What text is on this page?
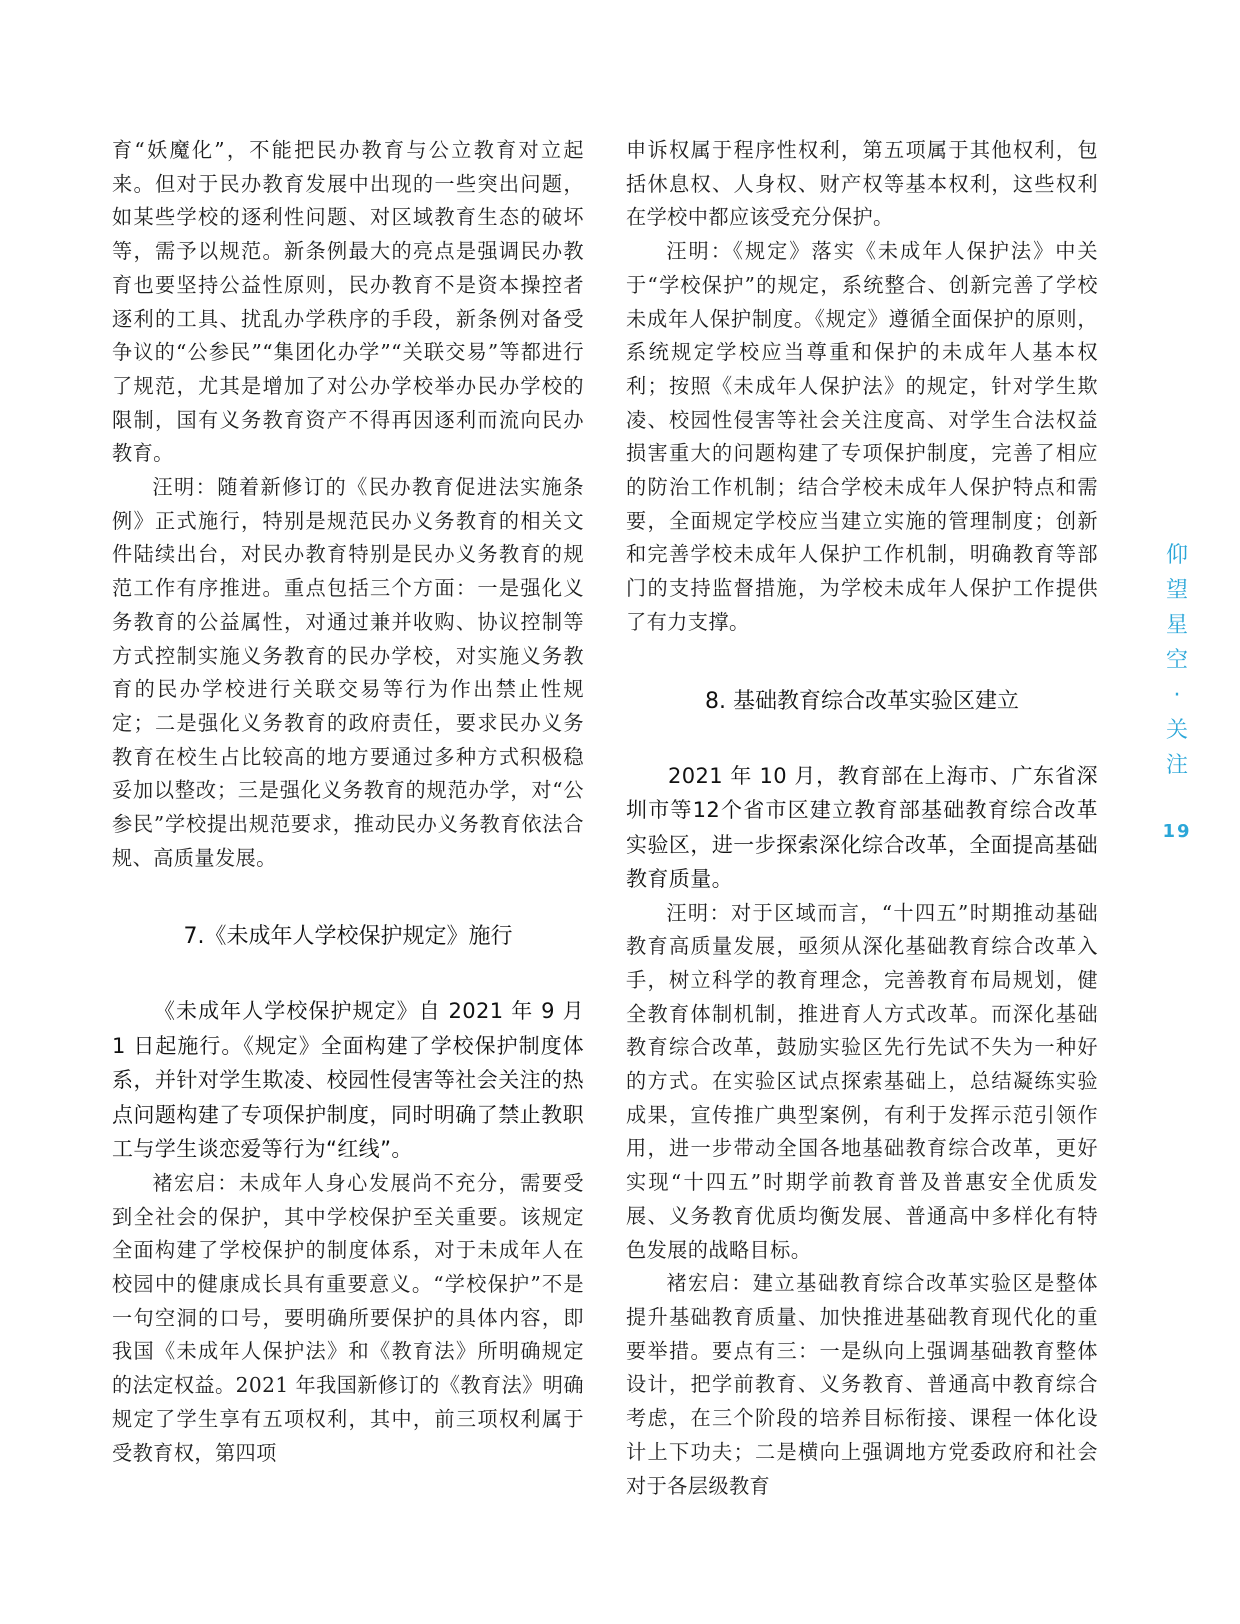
育“妖魔化”，不能把民办教育与公立教育对立起来。但对于民办教育发展中出现的一些突出问题，如某些学校的逐利性问题、对区域教育生态的破坏等，需予以规范。新条例最大的亮点是强调民办教育也要坚持公益性原则，民办教育不是资本操控者逐利的工具、扰乱办学秩序的手段，新条例对备受争议的“公参民”“集团化办学”“关联交易”等都进行了规范，尤其是增加了对公办学校举办民办学校的限制，国有义务教育资产不得再因逐利而流向民办教育。

汪明：随着新修订的《民办教育促进法实施条例》正式施行，特别是规范民办义务教育的相关文件陆续出台，对民办教育特别是民办义务教育的规范工作有序推进。重点包括三个方面：一是强化义务教育的公益属性，对通过兼并收购、协议控制等方式控制实施义务教育的民办学校，对实施义务教育的民办学校进行关联交易等行为作出禁止性规定；二是强化义务教育的政府责任，要求民办义务教育在校生占比较高的地方要通过多种方式积极稳妥加以整改；三是强化义务教育的规范办学，对“公参民”学校提出规范要求，推动民办义务教育依法合规、高质量发展。

7.《未成年人学校保护规定》施行

《未成年人学校保护规定》自 2021 年 9 月 1 日起施行。《规定》全面构建了学校保护制度体系，并针对学生欺凌、校园性侵害等社会关注的热点问题构建了专项保护制度，同时明确了禁止教职工与学生谈恋爱等行为“红线”。

褚宏启：未成年人身心发展尚不充分，需要受到全社会的保护，其中学校保护至关重要。该规定全面构建了学校保护的制度体系，对于未成年人在校园中的健康成长具有重要意义。“学校保护”不是一句空洞的口号，要明确所要保护的具体内容，即我国《未成年人保护法》和《教育法》所明确规定的法定权益。2021 年我国新修订的《教育法》明确规定了学生享有五项权利，其中，前三项权利属于受教育权，第四项

申诉权属于程序性权利，第五项属于其他权利，包括休息权、人身权、财产权等基本权利，这些权利在学校中都应该受充分保护。

汪明：《规定》落实《未成年人保护法》中关于“学校保护”的规定，系统整合、创新完善了学校未成年人保护制度。《规定》遵循全面保护的原则，系统规定学校应当尊重和保护的未成年人基本权利；按照《未成年人保护法》的规定，针对学生欺凌、校园性侵害等社会关注度高、对学生合法权益损害重大的问题构建了专项保护制度，完善了相应的防治工作机制；结合学校未成年人保护特点和需要，全面规定学校应当建立实施的管理制度；创新和完善学校未成年人保护工作机制，明确教育等部门的支持监督措施，为学校未成年人保护工作提供了有力支撑。

8. 基础教育综合改革实验区建立

2021 年 10 月，教育部在上海市、广东省深圳市等12个省市区建立教育部基础教育综合改革实验区，进一步探索深化综合改革，全面提高基础教育质量。

汪明：对于区域而言，“十四五”时期推动基础教育高质量发展，亟须从深化基础教育综合改革入手，树立科学的教育理念，完善教育布局规划，健全教育体制机制，推进育人方式改革。而深化基础教育综合改革，鼓励实验区先行先试不失为一种好的方式。在实验区试点探索基础上，总结凝练实验成果，宣传推广典型案例，有利于发挥示范引领作用，进一步带动全国各地基础教育综合改革，更好实现“十四五”时期学前教育普及普惠安全优质发展、义务教育优质均衡发展、普通高中多样化有特色发展的战略目标。

褚宏启：建立基础教育综合改革实验区是整体提升基础教育质量、加快推进基础教育现代化的重要举措。要点有三：一是纵向上强调基础教育整体设计，把学前教育、义务教育、普通高中教育综合考虑，在三个阶段的培养目标衔接、课程一体化设计上下功夫；二是横向上强调地方党委政府和社会对于各层级教育

仰
望
星
空
·
关
注
19
